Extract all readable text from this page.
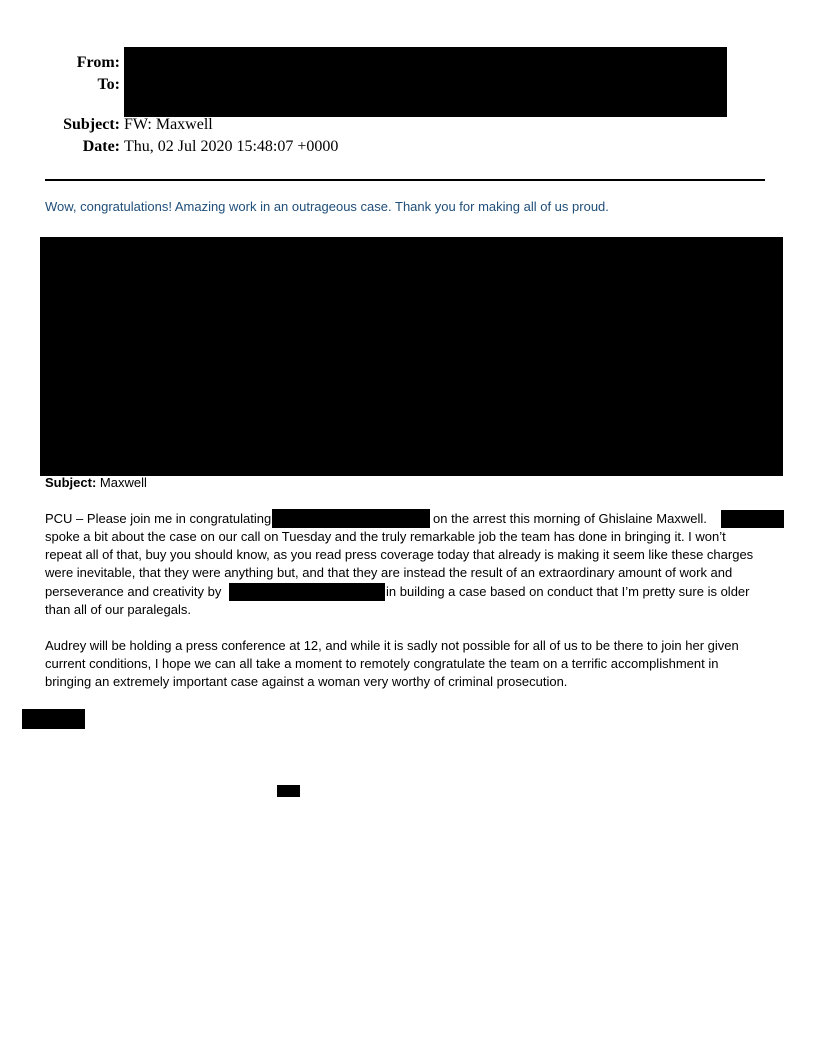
From:
To:
Subject: FW: Maxwell
Date: Thu, 02 Jul 2020 15:48:07 +0000
Wow, congratulations! Amazing work in an outrageous case. Thank you for making all of us proud.
Subject: Maxwell
PCU – Please join me in congratulating	on the arrest this morning of Ghislaine Maxwell.
spoke a bit about the case on our call on Tuesday and the truly remarkable job the team has done in bringing it. I won’t
repeat all of that, buy you should know, as you read press coverage today that already is making it seem like these charges
were inevitable, that they were anything but, and that they are instead the result of an extraordinary amount of work and
perseverance and creativity by	in building a case based on conduct that I’m pretty sure is older
than all of our paralegals.
Audrey will be holding a press conference at 12, and while it is sadly not possible for all of us to be there to join her given
current conditions, I hope we can all take a moment to remotely congratulate the team on a terrific accomplishment in
bringing an extremely important case against a woman very worthy of criminal prosecution.
